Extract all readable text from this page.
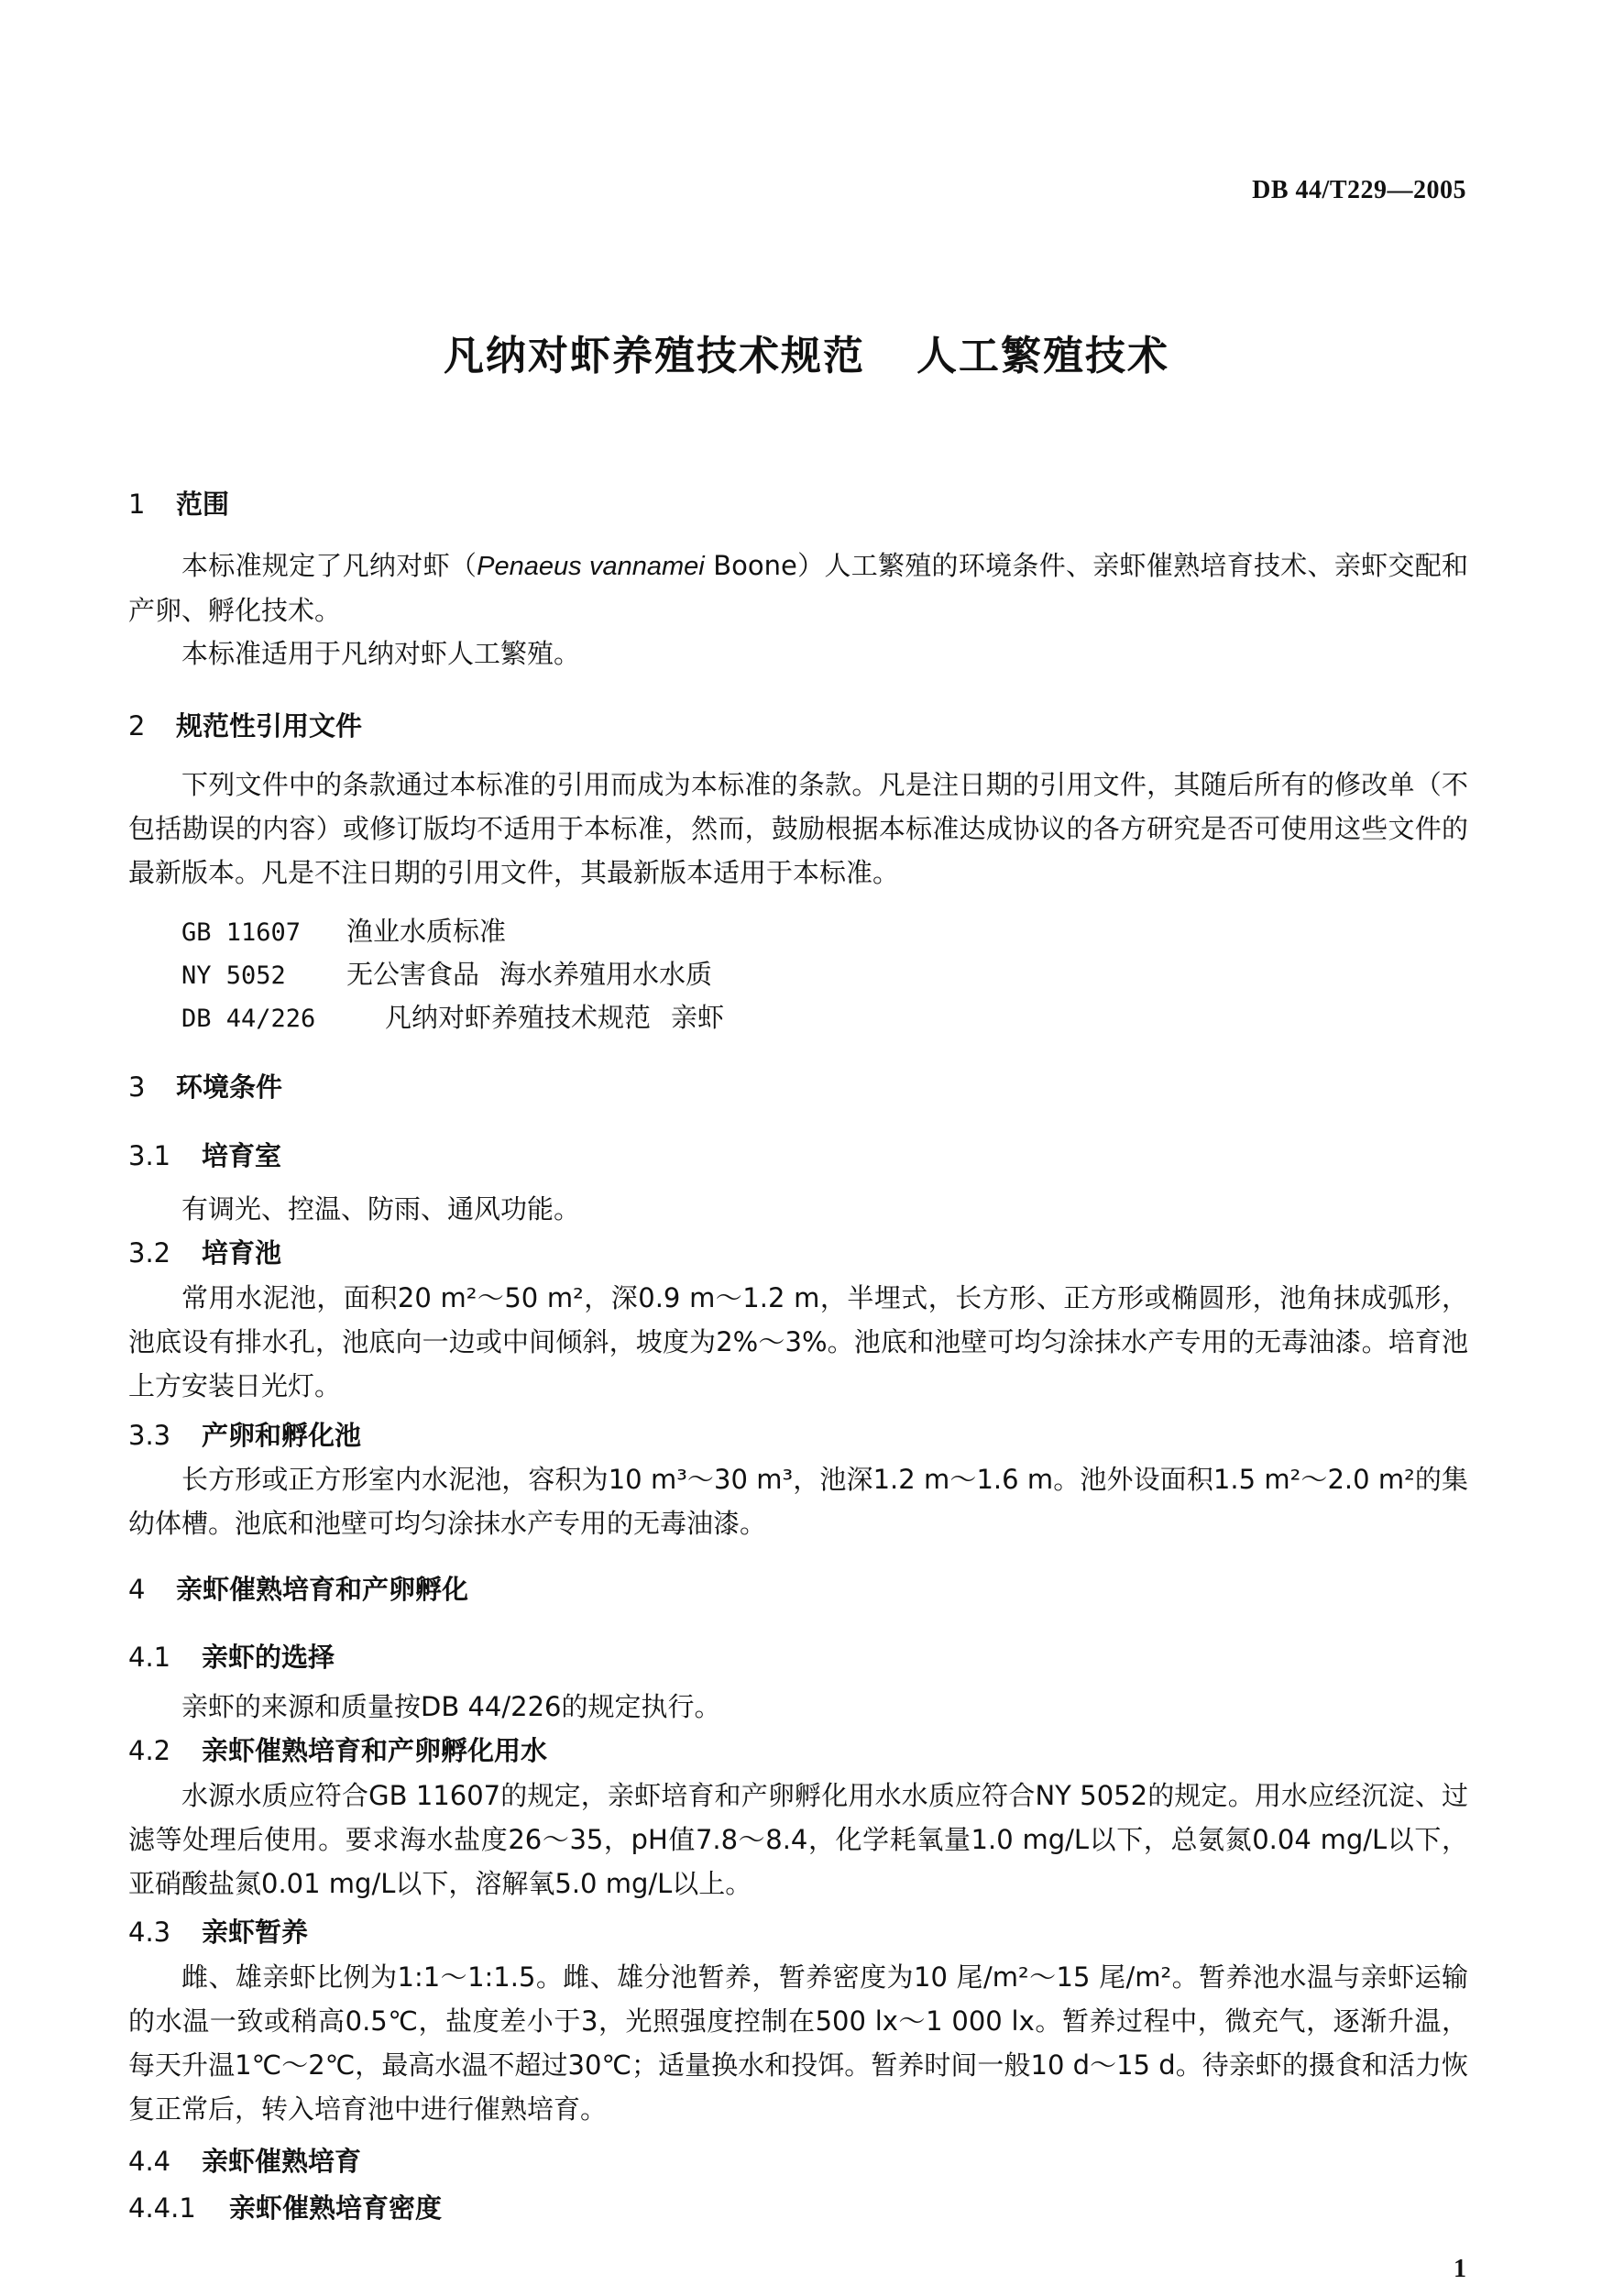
DB 44/T229—2005
凡纳对虾养殖技术规范 人工繁殖技术
1 范围

本标准规定了凡纳对虾（Penaeus vannamei Boone）人工繁殖的环境条件、亲虾催熟培育技术、亲虾交配和产卵、孵化技术。

本标准适用于凡纳对虾人工繁殖。

2 规范性引用文件

下列文件中的条款通过本标准的引用而成为本标准的条款。凡是注日期的引用文件，其随后所有的修改单（不包括勘误的内容）或修订版均不适用于本标准，然而，鼓励根据本标准达成协议的各方研究是否可使用这些文件的最新版本。凡是不注日期的引用文件，其最新版本适用于本标准。

GB 11607 渔业水质标准
NY 5052 无公害食品 海水养殖用水水质
DB 44/226	凡纳对虾养殖技术规范 亲虾
3 环境条件
3.1 培育室

有调光、控温、防雨、通风功能。

3.2 培育池

常用水泥池，面积20 m²～50 m²，深0.9 m～1.2 m，半埋式，长方形、正方形或椭圆形，池角抹成弧形，池底设有排水孔，池底向一边或中间倾斜，坡度为2%～3%。池底和池壁可均匀涂抹水产专用的无毒油漆。培育池上方安装日光灯。

3.3 产卵和孵化池

长方形或正方形室内水泥池，容积为10 m³～30 m³，池深1.2 m～1.6 m。池外设面积1.5 m²～2.0 m²的集幼体槽。池底和池壁可均匀涂抹水产专用的无毒油漆。

4 亲虾催熟培育和产卵孵化
4.1 亲虾的选择

亲虾的来源和质量按DB 44/226的规定执行。

4.2 亲虾催熟培育和产卵孵化用水

水源水质应符合GB 11607的规定，亲虾培育和产卵孵化用水水质应符合NY 5052的规定。用水应经沉淀、过滤等处理后使用。要求海水盐度26～35，pH值7.8～8.4，化学耗氧量1.0 mg/L以下，总氨氮0.04 mg/L以下，亚硝酸盐氮0.01 mg/L以下，溶解氧5.0 mg/L以上。

4.3 亲虾暂养

雌、雄亲虾比例为1:1～1:1.5。雌、雄分池暂养，暂养密度为10 尾/m²～15 尾/m²。暂养池水温与亲虾运输的水温一致或稍高0.5℃，盐度差小于3，光照强度控制在500 lx～1 000 lx。暂养过程中，微充气，逐渐升温，每天升温1℃～2℃，最高水温不超过30℃；适量换水和投饵。暂养时间一般10 d～15 d。待亲虾的摄食和活力恢复正常后，转入培育池中进行催熟培育。

4.4 亲虾催熟培育
4.4.1 亲虾催熟培育密度
1
